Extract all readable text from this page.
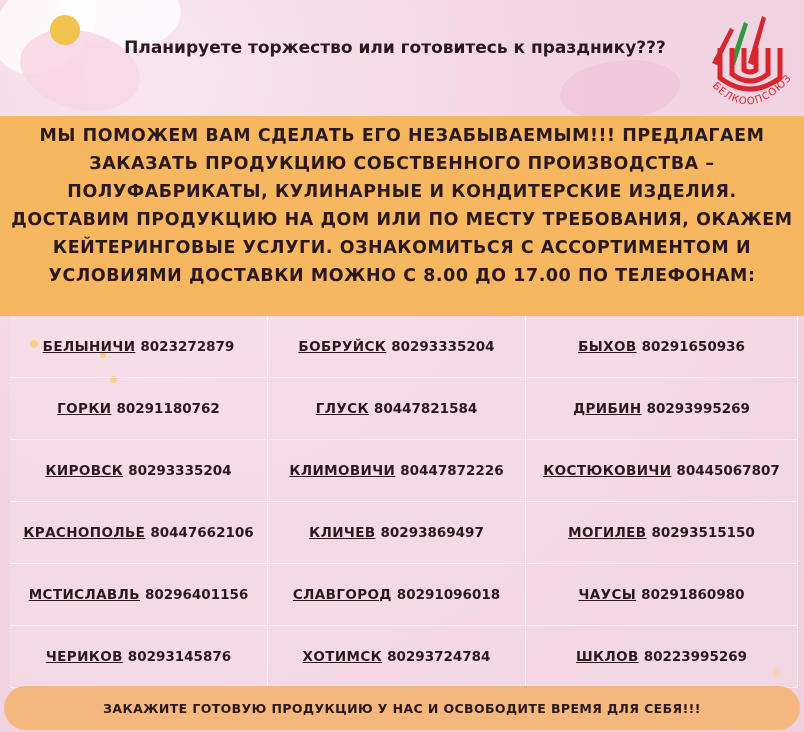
Планируете торжество или готовитесь к празднику???
БЕЛКООПСОЮЗ

МЫ ПОМОЖЕМ ВАМ СДЕЛАТЬ ЕГО НЕЗАБЫВАЕМЫМ!!! ПРЕДЛАГАЕМ ЗАКАЗАТЬ ПРОДУКЦИЮ СОБСТВЕННОГО ПРОИЗВОДСТВА – ПОЛУФАБРИКАТЫ, КУЛИНАРНЫЕ И КОНДИТЕРСКИЕ ИЗДЕЛИЯ. ДОСТАВИМ ПРОДУКЦИЮ НА ДОМ ИЛИ ПО МЕСТУ ТРЕБОВАНИЯ, ОКАЖЕМ КЕЙТЕРИНГОВЫЕ УСЛУГИ. ОЗНАКОМИТЬСЯ С АССОРТИМЕНТОМ И УСЛОВИЯМИ ДОСТАВКИ МОЖНО С 8.00 ДО 17.00 ПО ТЕЛЕФОНАМ:

БЕЛЫНИЧИ 8023272879	БОБРУЙСК 80293335204	БЫХОВ 80291650936
ГОРКИ 80291180762	ГЛУСК 80447821584	ДРИБИН 80293995269
КИРОВСК 80293335204	КЛИМОВИЧИ 80447872226	КОСТЮКОВИЧИ 80445067807
КРАСНОПОЛЬЕ 80447662106	КЛИЧЕВ 80293869497	МОГИЛЕВ 80293515150
МСТИСЛАВЛЬ 80296401156	СЛАВГОРОД 80291096018	ЧАУСЫ 80291860980
ЧЕРИКОВ 80293145876	ХОТИМСК 80293724784	ШКЛОВ 80223995269
ЗАКАЖИТЕ ГОТОВУЮ ПРОДУКЦИЮ У НАС И ОСВОБОДИТЕ ВРЕМЯ ДЛЯ СЕБЯ!!!
